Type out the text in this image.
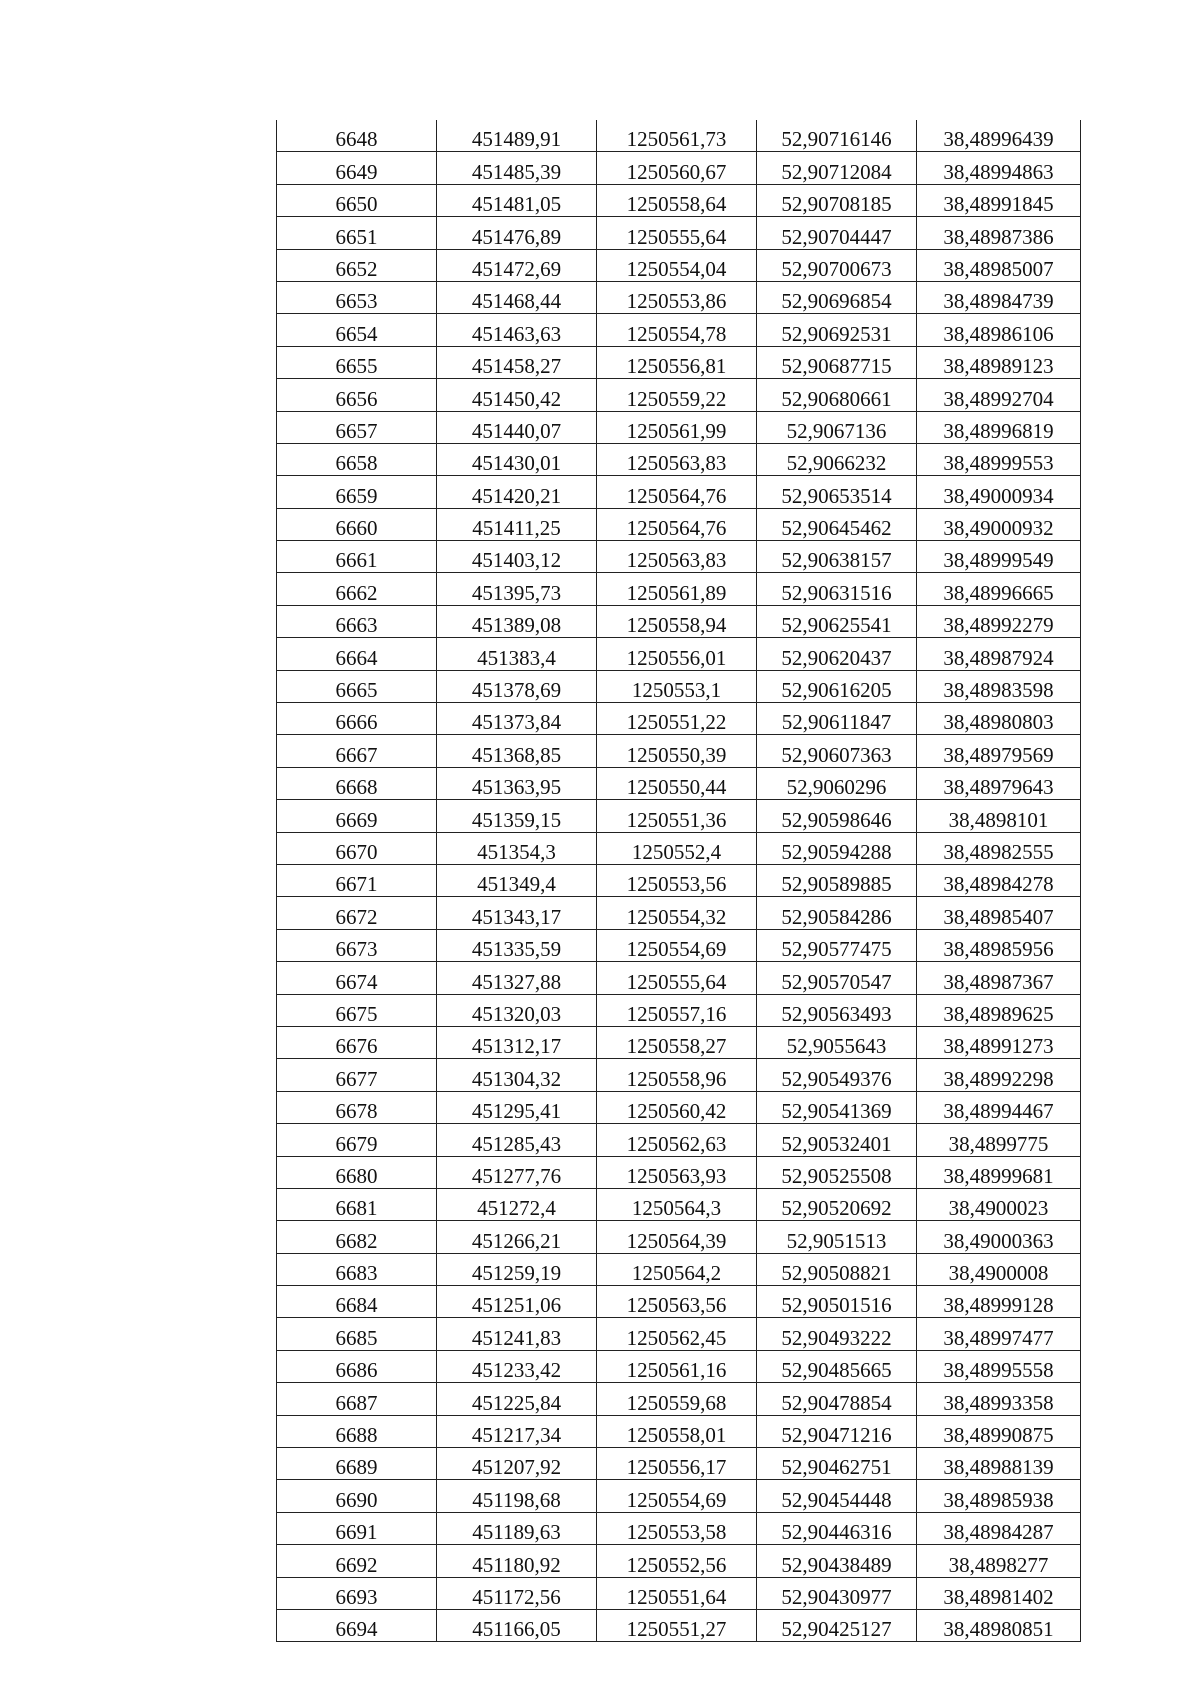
6648	451489,91	1250561,73	52,90716146	38,48996439
6649	451485,39	1250560,67	52,90712084	38,48994863
6650	451481,05	1250558,64	52,90708185	38,48991845
6651	451476,89	1250555,64	52,90704447	38,48987386
6652	451472,69	1250554,04	52,90700673	38,48985007
6653	451468,44	1250553,86	52,90696854	38,48984739
6654	451463,63	1250554,78	52,90692531	38,48986106
6655	451458,27	1250556,81	52,90687715	38,48989123
6656	451450,42	1250559,22	52,90680661	38,48992704
6657	451440,07	1250561,99	52,9067136	38,48996819
6658	451430,01	1250563,83	52,9066232	38,48999553
6659	451420,21	1250564,76	52,90653514	38,49000934
6660	451411,25	1250564,76	52,90645462	38,49000932
6661	451403,12	1250563,83	52,90638157	38,48999549
6662	451395,73	1250561,89	52,90631516	38,48996665
6663	451389,08	1250558,94	52,90625541	38,48992279
6664	451383,4	1250556,01	52,90620437	38,48987924
6665	451378,69	1250553,1	52,90616205	38,48983598
6666	451373,84	1250551,22	52,90611847	38,48980803
6667	451368,85	1250550,39	52,90607363	38,48979569
6668	451363,95	1250550,44	52,9060296	38,48979643
6669	451359,15	1250551,36	52,90598646	38,4898101
6670	451354,3	1250552,4	52,90594288	38,48982555
6671	451349,4	1250553,56	52,90589885	38,48984278
6672	451343,17	1250554,32	52,90584286	38,48985407
6673	451335,59	1250554,69	52,90577475	38,48985956
6674	451327,88	1250555,64	52,90570547	38,48987367
6675	451320,03	1250557,16	52,90563493	38,48989625
6676	451312,17	1250558,27	52,9055643	38,48991273
6677	451304,32	1250558,96	52,90549376	38,48992298
6678	451295,41	1250560,42	52,90541369	38,48994467
6679	451285,43	1250562,63	52,90532401	38,4899775
6680	451277,76	1250563,93	52,90525508	38,48999681
6681	451272,4	1250564,3	52,90520692	38,4900023
6682	451266,21	1250564,39	52,9051513	38,49000363
6683	451259,19	1250564,2	52,90508821	38,4900008
6684	451251,06	1250563,56	52,90501516	38,48999128
6685	451241,83	1250562,45	52,90493222	38,48997477
6686	451233,42	1250561,16	52,90485665	38,48995558
6687	451225,84	1250559,68	52,90478854	38,48993358
6688	451217,34	1250558,01	52,90471216	38,48990875
6689	451207,92	1250556,17	52,90462751	38,48988139
6690	451198,68	1250554,69	52,90454448	38,48985938
6691	451189,63	1250553,58	52,90446316	38,48984287
6692	451180,92	1250552,56	52,90438489	38,4898277
6693	451172,56	1250551,64	52,90430977	38,48981402
6694	451166,05	1250551,27	52,90425127	38,48980851
